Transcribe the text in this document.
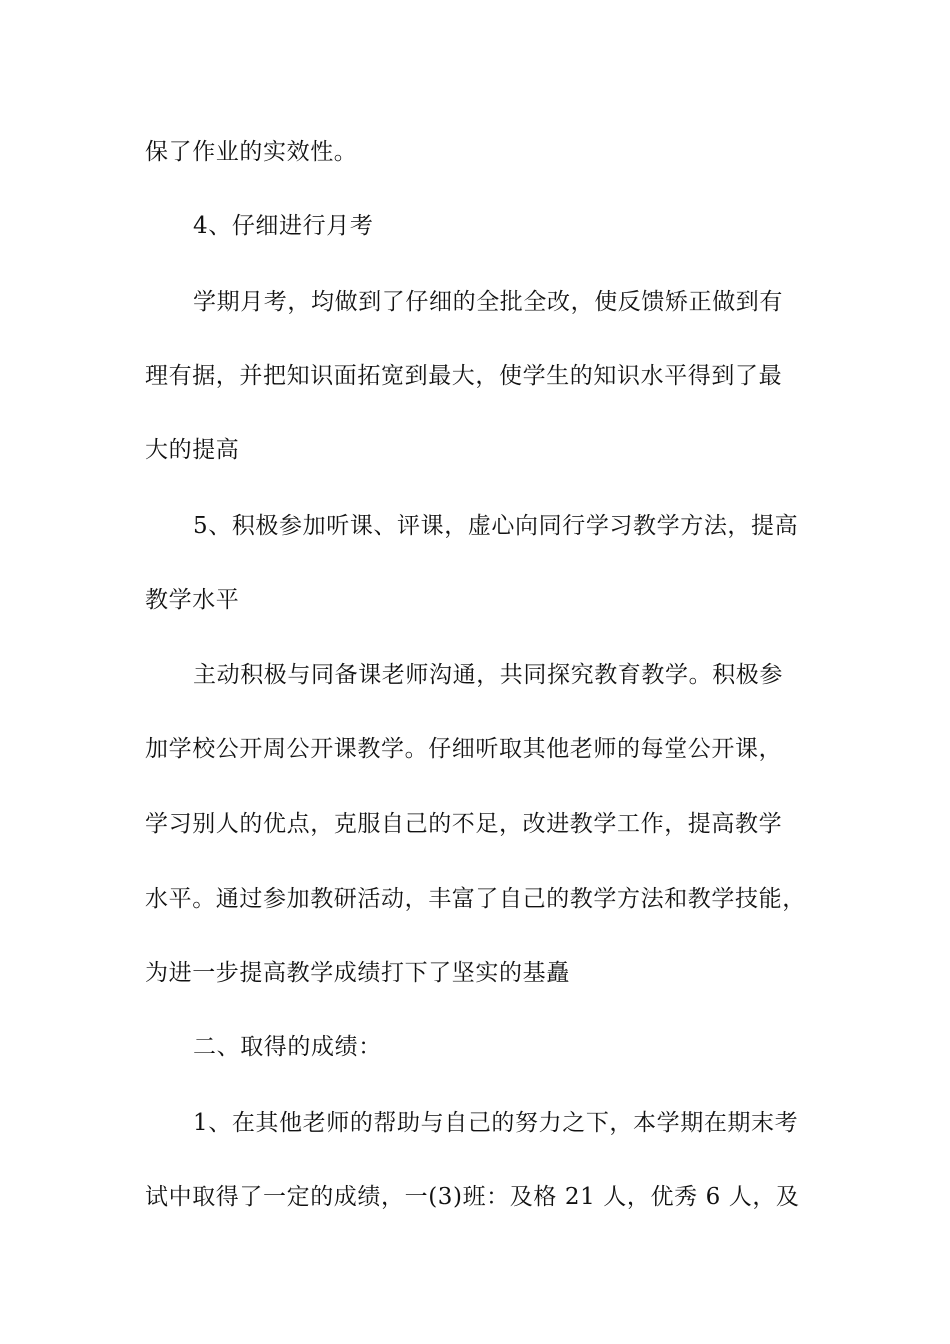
保了作业的实效性。
4、仔细进行月考
学期月考，均做到了仔细的全批全改，使反馈矫正做到有
理有据，并把知识面拓宽到最大，使学生的知识水平得到了最
大的提高
5、积极参加听课、评课，虚心向同行学习教学方法，提高
教学水平
主动积极与同备课老师沟通，共同探究教育教学。积极参
加学校公开周公开课教学。仔细听取其他老师的每堂公开课，
学习别人的优点，克服自己的不足，改进教学工作，提高教学
水平。通过参加教研活动，丰富了自己的教学方法和教学技能，
为进一步提高教学成绩打下了坚实的基矗
二、取得的成绩：
1、在其他老师的帮助与自己的努力之下，本学期在期末考
试中取得了一定的成绩，一(3)班：及格 21 人，优秀 6 人，及
